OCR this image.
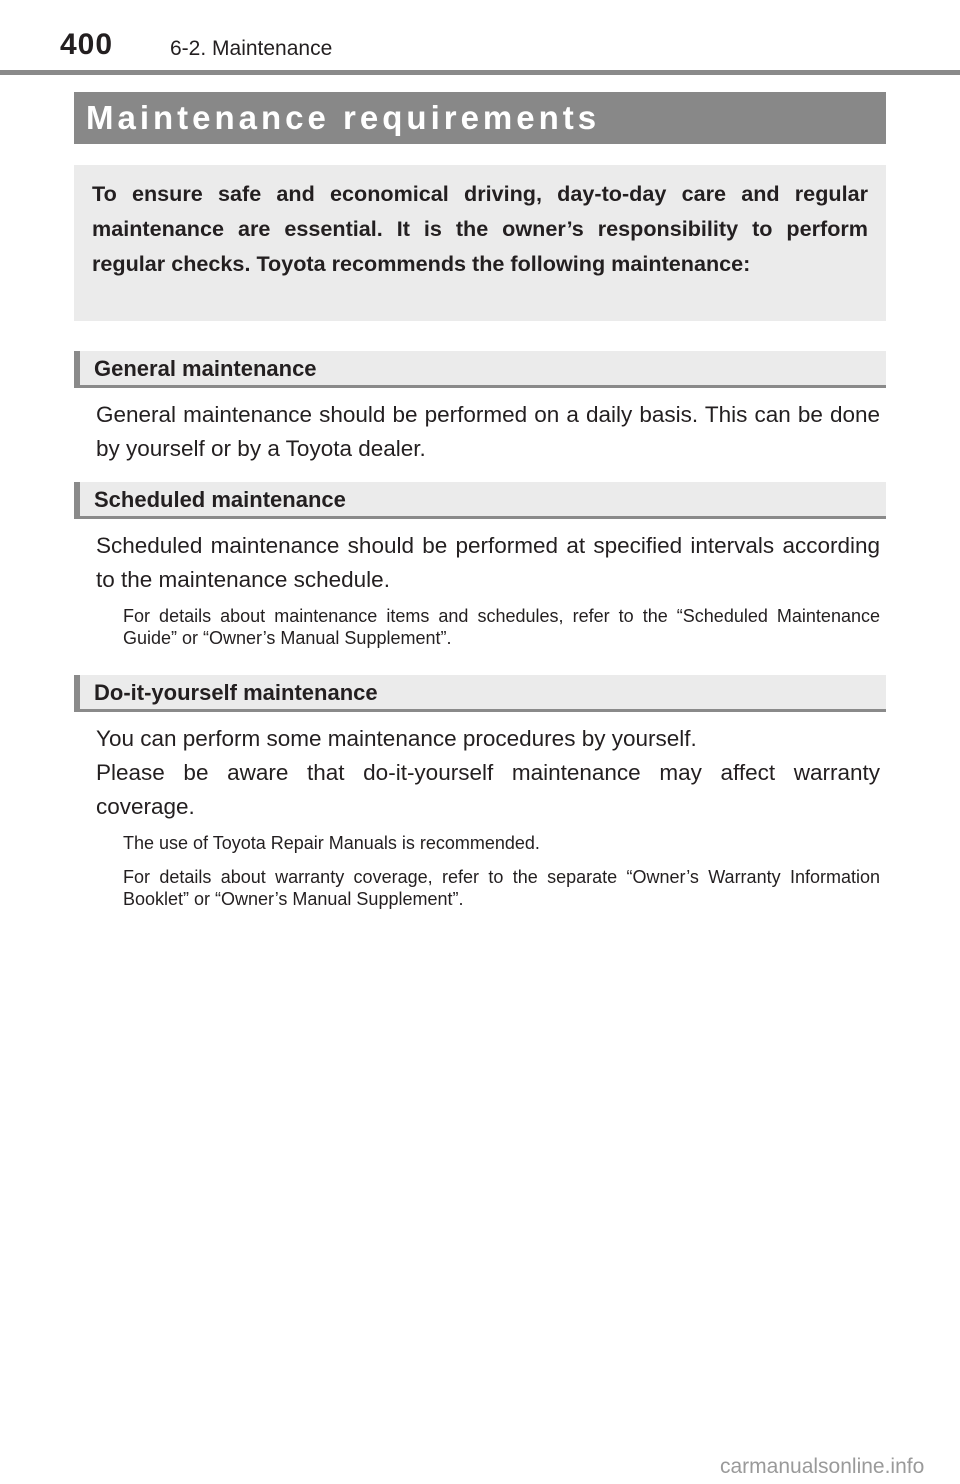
400	6-2. Maintenance
Maintenance requirements
To ensure safe and economical driving, day-to-day care and regular maintenance are essential. It is the owner’s responsibility to perform regular checks. Toyota recommends the following maintenance:
General maintenance
General maintenance should be performed on a daily basis. This can be done by yourself or by a Toyota dealer.
Scheduled maintenance
Scheduled maintenance should be performed at specified intervals according to the maintenance schedule.
For details about maintenance items and schedules, refer to the “Scheduled Maintenance Guide” or “Owner’s Manual Supplement”.
Do-it-yourself maintenance
You can perform some maintenance procedures by yourself.
Please be aware that do-it-yourself maintenance may affect warranty coverage.
The use of Toyota Repair Manuals is recommended.
For details about warranty coverage, refer to the separate “Owner’s Warranty Information Booklet” or “Owner’s Manual Supplement”.
carmanualsonline.info
